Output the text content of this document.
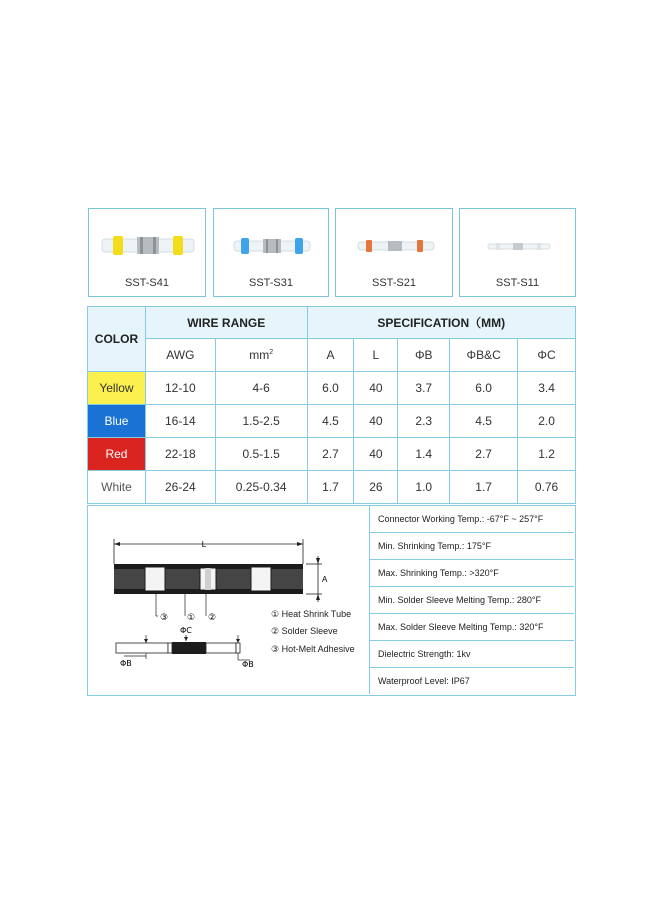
SST-S41	SST-S31	SST-S21	SST-S11
COLOR	WIRE RANGE		SPECIFICATION（MM)				
	AWG	$mm^2$	A	L	ΦB	ΦB&C	ΦC
Yellow	12-10	4-6	6.0	40	3.7	6.0	3.4
Blue	16-14	1.5-2.5	4.5	40	2.3	4.5	2.0
Red	22-18	0.5-1.5	2.7	40	1.4	2.7	1.2
White	26-24	0.25-0.34	1.7	26	1.0	1.7	0.76
L
A
③ ① ②
ΦC
ΦB	ΦB
① Heat Shrink Tube
② Solder Sleeve
③ Hot-Melt Adhesive
Connector Working Temp.: -67°F ~ 257°F
Min. Shrinking Temp.: 175°F
Max. Shrinking Temp.: >320°F
Min. Solder Sleeve Melting Temp.: 280°F
Max. Solder Sleeve Melting Temp.: 320°F
Dielectric Strength: 1kv
Waterproof Level: IP67
